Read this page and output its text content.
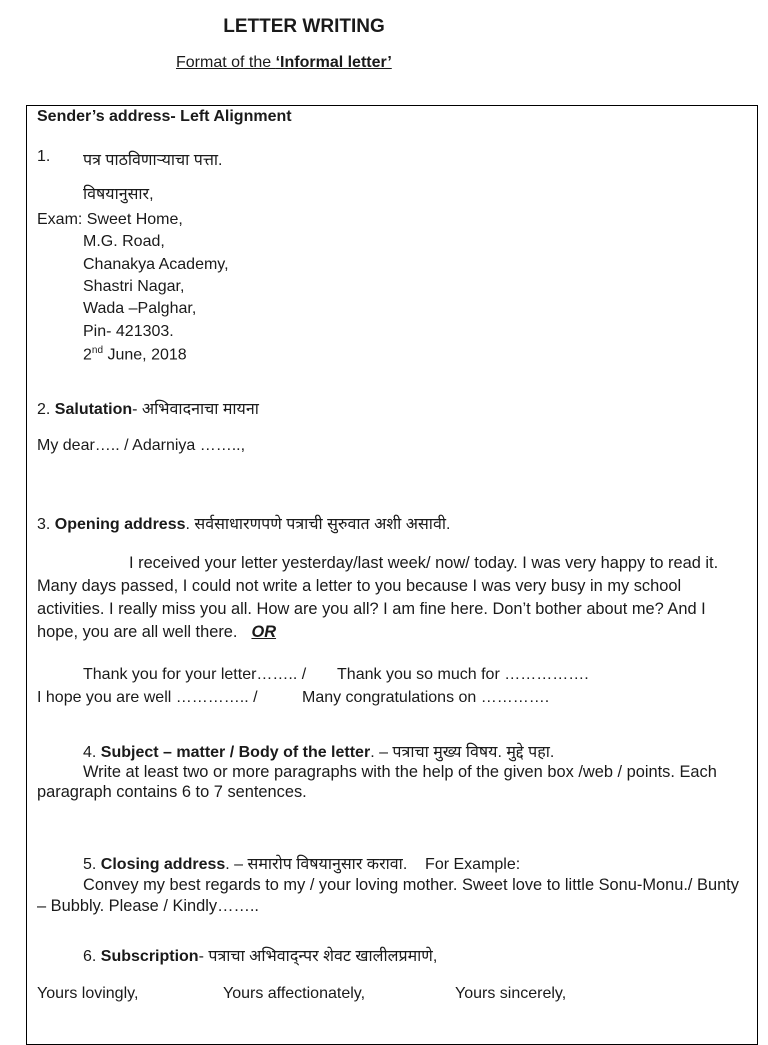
LETTER WRITING
Format of the ‘Informal letter’
Sender’s address- Left Alignment
1. पत्र पाठविणाऱ्याचा पत्ता.
विषयानुसार,
Exam: Sweet Home,
M.G. Road,
Chanakya Academy,
Shastri Nagar,
Wada –Palghar,
Pin- 421303.
2nd June, 2018
2. Salutation- अभिवादनाचा मायना
My dear….. / Adarniya ……..,
3. Opening address. सर्वसाधारणपणे पत्राची सुरुवात अशी असावी.
I received your letter yesterday/last week/ now/ today. I was very happy to read it. Many days passed, I could not write a letter to you because I was very busy in my school activities. I really miss you all. How are you all? I am fine here. Don’t bother about me? And I hope, you are all well there. OR
Thank you for your letter…….. /       Thank you so much for …………….
I hope you are well ………….. /          Many congratulations on ………….
4. Subject – matter / Body of the letter. – पत्राचा मुख्य विषय. मुद्दे पहा.
Write at least two or more paragraphs with the help of the given box /web / points. Each paragraph contains 6 to 7 sentences.
5. Closing address. – समारोप विषयानुसार करावा.    For Example:
Convey my best regards to my / your loving mother. Sweet love to little Sonu-Monu./ Bunty – Bubbly. Please / Kindly……..
6. Subscription- पत्राचा अभिवाद्न्पर शेवट खालीलप्रमाणे,
Yours lovingly,	Yours affectionately,	Yours sincerely,
